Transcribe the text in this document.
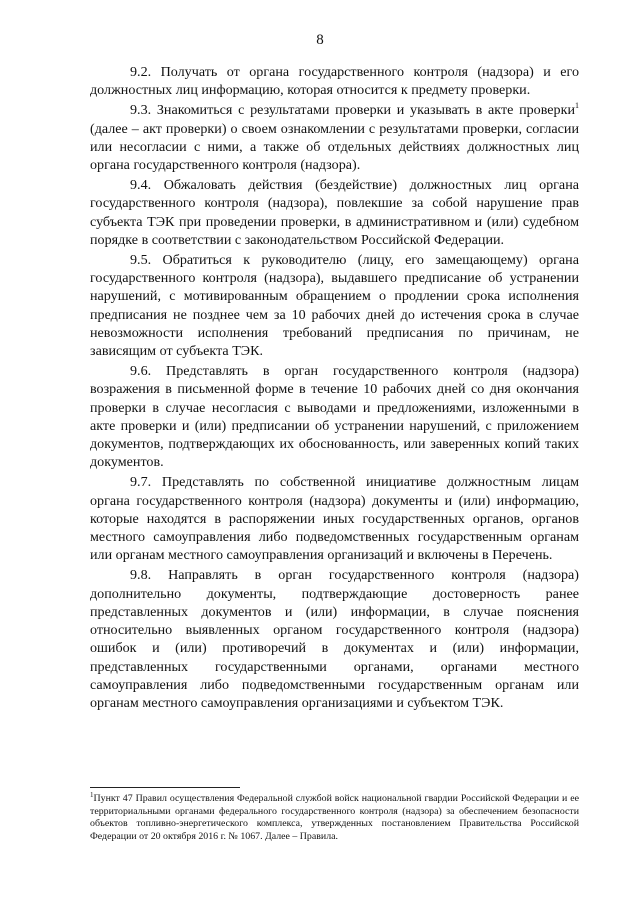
8

9.2. Получать от органа государственного контроля (надзора) и его должностных лиц информацию, которая относится к предмету проверки.

9.3. Знакомиться с результатами проверки и указывать в акте проверки$^1$ (далее – акт проверки) о своем ознакомлении с результатами проверки, согласии или несогласии с ними, а также об отдельных действиях должностных лиц органа государственного контроля (надзора).

9.4. Обжаловать действия (бездействие) должностных лиц органа государственного контроля (надзора), повлекшие за собой нарушение прав субъекта ТЭК при проведении проверки, в административном и (или) судебном порядке в соответствии с законодательством Российской Федерации.

9.5. Обратиться к руководителю (лицу, его замещающему) органа государственного контроля (надзора), выдавшего предписание об устранении нарушений, с мотивированным обращением о продлении срока исполнения предписания не позднее чем за 10 рабочих дней до истечения срока в случае невозможности исполнения требований предписания по причинам, не зависящим от субъекта ТЭК.

9.6. Представлять в орган государственного контроля (надзора) возражения в письменной форме в течение 10 рабочих дней со дня окончания проверки в случае несогласия с выводами и предложениями, изложенными в акте проверки и (или) предписании об устранении нарушений, с приложением документов, подтверждающих их обоснованность, или заверенных копий таких документов.

9.7. Представлять по собственной инициативе должностным лицам органа государственного контроля (надзора) документы и (или) информацию, которые находятся в распоряжении иных государственных органов, органов местного самоуправления либо подведомственных государственным органам или органам местного самоуправления организаций и включены в Перечень.

9.8. Направлять в орган государственного контроля (надзора) дополнительно документы, подтверждающие достоверность ранее представленных документов и (или) информации, в случае пояснения относительно выявленных органом государственного контроля (надзора) ошибок и (или) противоречий в документах и (или) информации, представленных государственными органами, органами местного самоуправления либо подведомственными государственным органам или органам местного самоуправления организациями и субъектом ТЭК.

$^1$Пункт 47 Правил осуществления Федеральной службой войск национальной гвардии Российской Федерации и ее территориальными органами федерального государственного контроля (надзора) за обеспечением безопасности объектов топливно-энергетического комплекса, утвержденных постановлением Правительства Российской Федерации от 20 октября 2016 г. № 1067. Далее – Правила.
